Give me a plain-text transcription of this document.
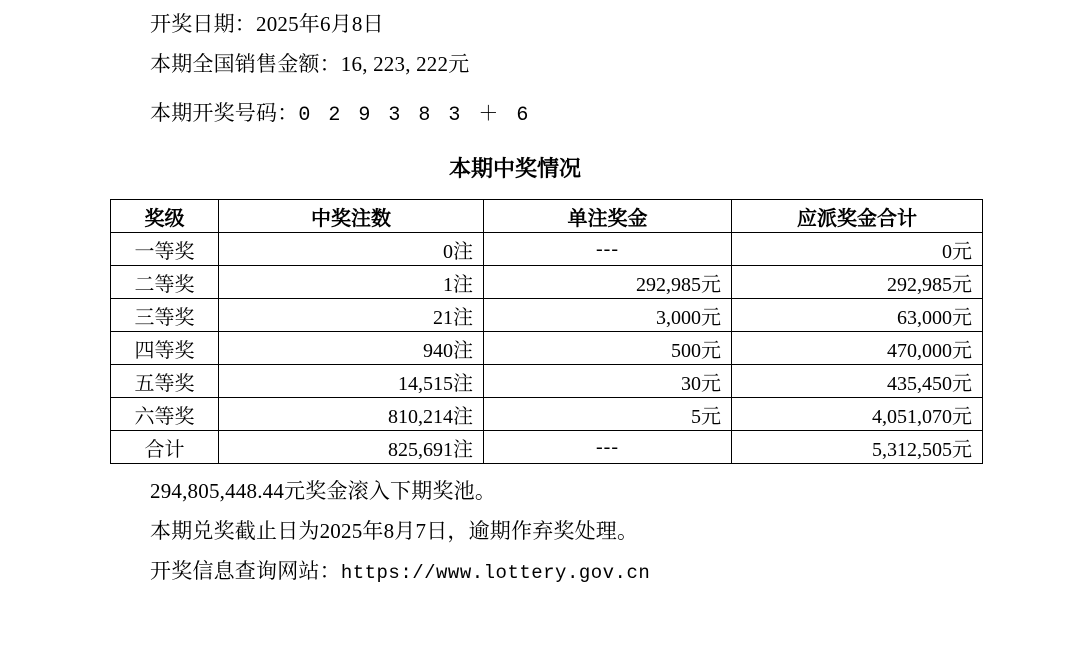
开奖日期：2025年6月8日

本期全国销售金额：16, 223, 222元

本期开奖号码：0 2 9 3 8 3 ＋ 6

本期中奖情况
奖级	中奖注数	单注奖金	应派奖金合计
一等奖	0注	---	0元
二等奖	1注	292,985元	292,985元
三等奖	21注	3,000元	63,000元
四等奖	940注	500元	470,000元
五等奖	14,515注	30元	435,450元
六等奖	810,214注	5元	4,051,070元
合计	825,691注	---	5,312,505元

294,805,448.44元奖金滚入下期奖池。

本期兑奖截止日为2025年8月7日，逾期作弃奖处理。

开奖信息查询网站：https://www.lottery.gov.cn
